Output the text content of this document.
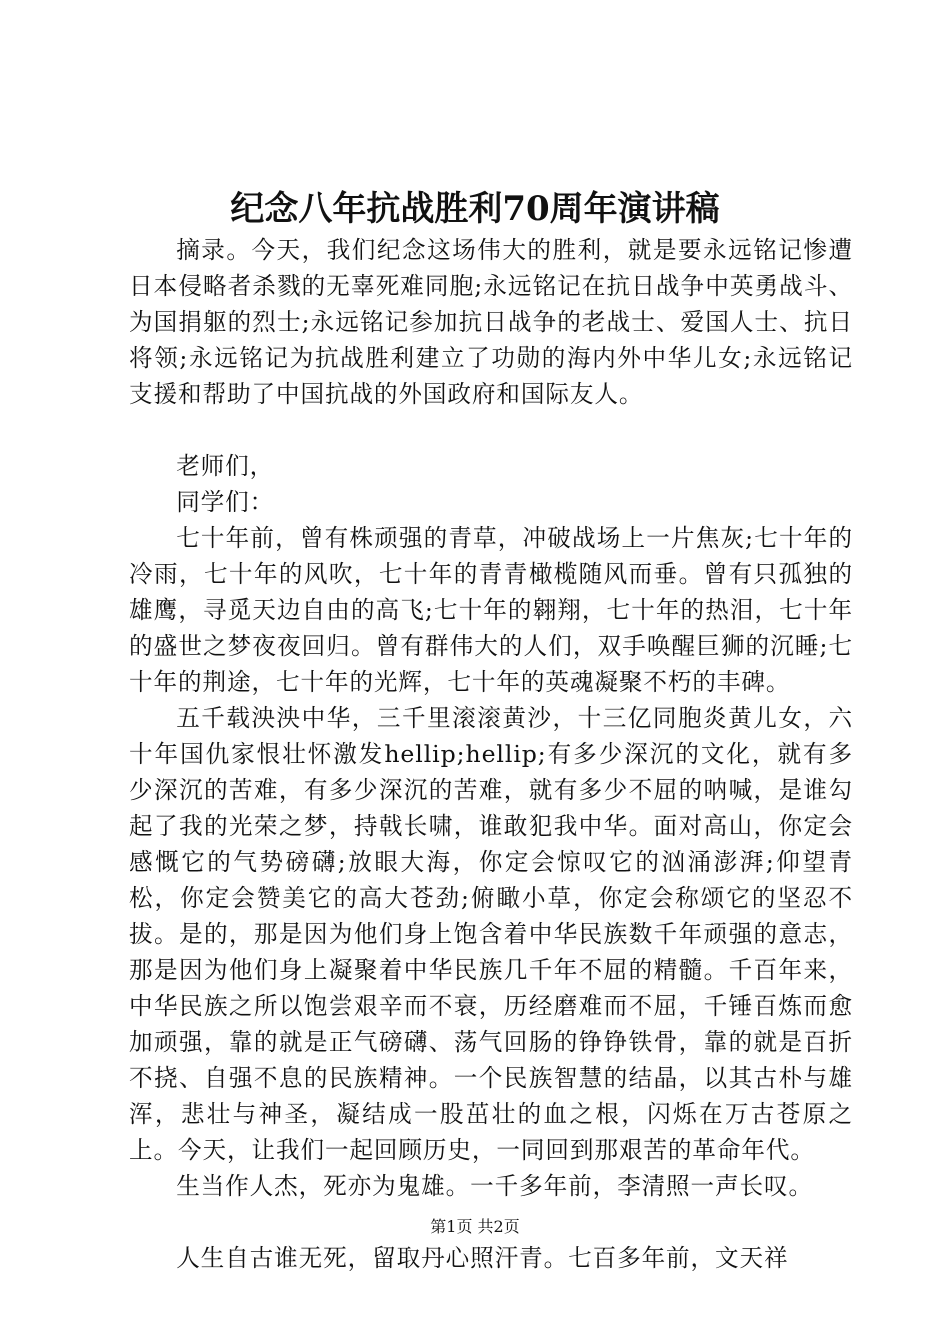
纪念八年抗战胜利70周年演讲稿

摘录。今天，我们纪念这场伟大的胜利，就是要永远铭记惨遭日本侵略者杀戮的无辜死难同胞;永远铭记在抗日战争中英勇战斗、为国捐躯的烈士;永远铭记参加抗日战争的老战士、爱国人士、抗日将领;永远铭记为抗战胜利建立了功勋的海内外中华儿女;永远铭记支援和帮助了中国抗战的外国政府和国际友人。

老师们，

同学们：

七十年前，曾有株顽强的青草，冲破战场上一片焦灰;七十年的冷雨，七十年的风吹，七十年的青青橄榄随风而垂。曾有只孤独的雄鹰，寻觅天边自由的高飞;七十年的翱翔，七十年的热泪，七十年的盛世之梦夜夜回归。曾有群伟大的人们，双手唤醒巨狮的沉睡;七十年的荆途，七十年的光辉，七十年的英魂凝聚不朽的丰碑。

五千载泱泱中华，三千里滚滚黄沙，十三亿同胞炎黄儿女，六十年国仇家恨壮怀激发hellip;hellip;有多少深沉的文化，就有多少深沉的苦难，有多少深沉的苦难，就有多少不屈的呐喊，是谁勾起了我的光荣之梦，持戟长啸，谁敢犯我中华。面对高山，你定会感慨它的气势磅礴;放眼大海，你定会惊叹它的汹涌澎湃;仰望青松，你定会赞美它的高大苍劲;俯瞰小草，你定会称颂它的坚忍不拔。是的，那是因为他们身上饱含着中华民族数千年顽强的意志，那是因为他们身上凝聚着中华民族几千年不屈的精髓。千百年来，中华民族之所以饱尝艰辛而不衰，历经磨难而不屈，千锤百炼而愈加顽强，靠的就是正气磅礴、荡气回肠的铮铮铁骨，靠的就是百折不挠、自强不息的民族精神。一个民族智慧的结晶，以其古朴与雄浑，悲壮与神圣，凝结成一股茁壮的血之根，闪烁在万古苍原之上。今天，让我们一起回顾历史，一同回到那艰苦的革命年代。

生当作人杰，死亦为鬼雄。一千多年前，李清照一声长叹。

人生自古谁无死，留取丹心照汗青。七百多年前，文天祥

第1页 共2页
